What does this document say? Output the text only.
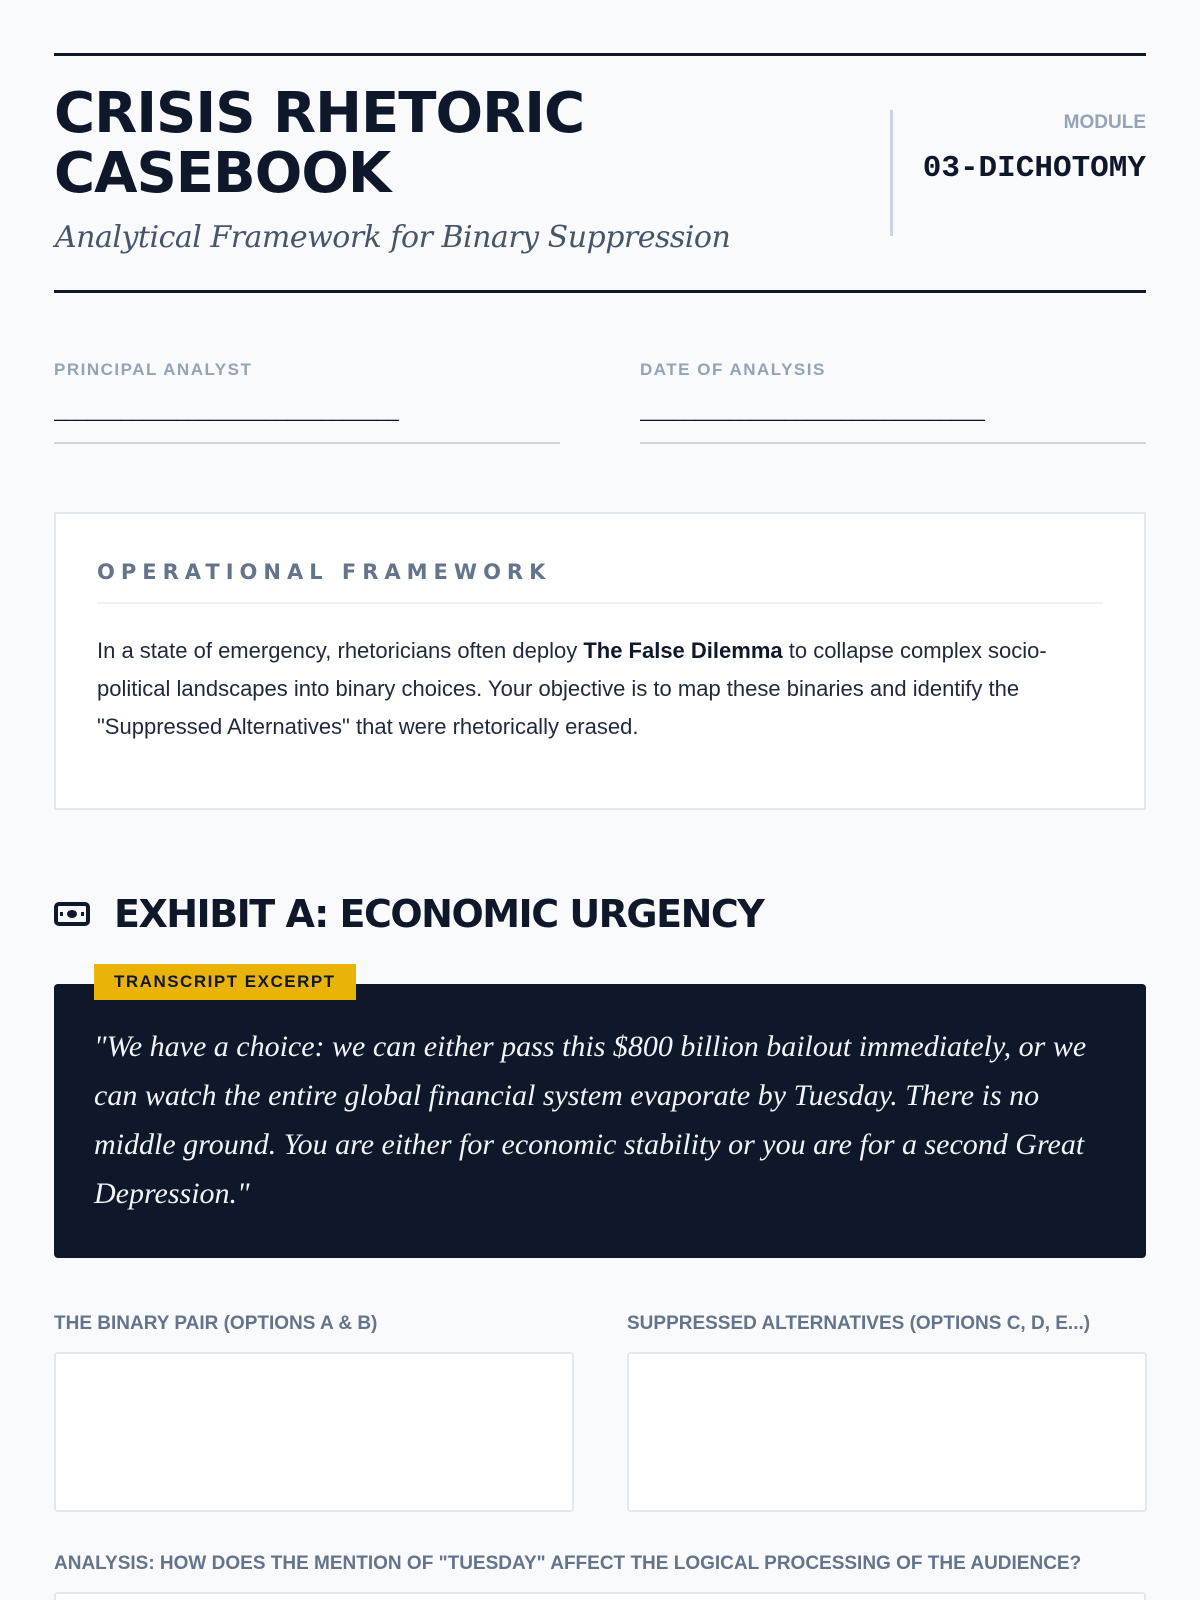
CRISIS RHETORIC CASEBOOK

Analytical Framework for Binary Suppression

MODULE
03-DICHOTOMY
PRINCIPAL ANALYST
_______________________________
DATE OF ANALYSIS
_______________________________
OPERATIONAL FRAMEWORK

In a state of emergency, rhetoricians often deploy The False Dilemma to collapse complex socio-political landscapes into binary choices. Your objective is to map these binaries and identify the "Suppressed Alternatives" that were rhetorically erased.

EXHIBIT A: ECONOMIC URGENCY
TRANSCRIPT EXCERPT

"We have a choice: we can either pass this $800 billion bailout immediately, or we can watch the entire global financial system evaporate by Tuesday. There is no middle ground. You are either for economic stability or you are for a second Great Depression."

THE BINARY PAIR (OPTIONS A & B)	SUPPRESSED ALTERNATIVES (OPTIONS C, D, E...)
ANALYSIS: HOW DOES THE MENTION OF "TUESDAY" AFFECT THE LOGICAL PROCESSING OF THE AUDIENCE?
